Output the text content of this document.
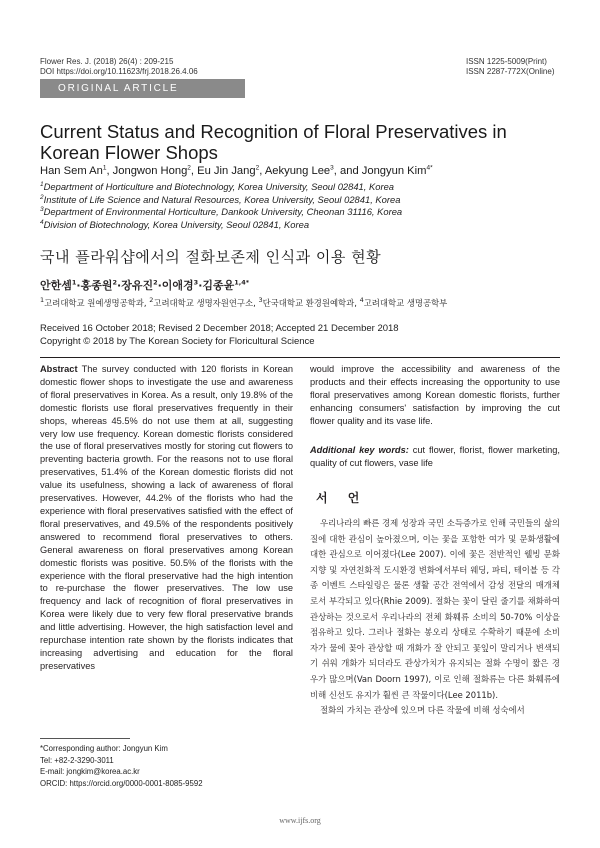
Flower Res. J. (2018) 26(4) : 209-215
DOI https://doi.org/10.11623/frj.2018.26.4.06
ISSN 1225-5009(Print)
ISSN 2287-772X(Online)
ORIGINAL ARTICLE
Current Status and Recognition of Floral Preservatives in Korean Flower Shops
Han Sem An$^1$, Jongwon Hong$^2$, Eu Jin Jang$^2$, Aekyung Lee$^3$, and Jongyun Kim$^{4*}$
$^1$Department of Horticulture and Biotechnology, Korea University, Seoul 02841, Korea
$^2$Institute of Life Science and Natural Resources, Korea University, Seoul 02841, Korea
$^3$Department of Environmental Horticulture, Dankook University, Cheonan 31116, Korea
$^4$Division of Biotechnology, Korea University, Seoul 02841, Korea
국내 플라워샵에서의 절화보존제 인식과 이용 현황
안한셈$^1$·홍종원$^2$·장유진$^2$·이애경$^3$·김종윤$^{1,4*}$
$^1$고려대학교 원예생명공학과, $^2$고려대학교 생명자원연구소, $^3$단국대학교 환경원예학과, $^4$고려대학교 생명공학부
Received 16 October 2018; Revised 2 December 2018; Accepted 21 December 2018
Copyright © 2018 by The Korean Society for Floricultural Science
Abstract The survey conducted with 120 florists in Korean domestic flower shops to investigate the use and awareness of floral preservatives in Korea. As a result, only 19.8% of the domestic florists use floral preservatives frequently in their shops, whereas 45.5% do not use them at all, suggesting very low use frequency. Korean domestic florists considered the use of floral preservatives mostly for storing cut flowers to preventing bacteria growth. For the reasons not to use floral preservatives, 51.4% of the Korean domestic florists did not value its usefulness, showing a lack of awareness of floral preservatives. However, 44.2% of the florists who had the experience with floral preservatives satisfied with the effect of floral preservatives, and 49.5% of the respondents positively answered to recommend floral preservatives to others. General awareness on floral preservatives among Korean domestic florists was positive. 50.5% of the florists with the experience with the floral preservative had the high intention to re-purchase the flower preservatives. The low use frequency and lack of recognition of floral preservatives in Korea were likely due to very few floral preservative brands and little advertising. However, the high satisfaction level and repurchase intention rate shown by the florists indicates that increasing advertising and education for the floral preservatives
would improve the accessibility and awareness of the products and their effects increasing the opportunity to use floral preservatives among Korean domestic florists, further enhancing consumers' satisfaction by improving the cut flower quality and its vase life.
Additional key words: cut flower, florist, flower marketing, quality of cut flowers, vase life
서 언
우리나라의 빠른 경제 성장과 국민 소득증가로 인해 국민들의 삶의 질에 대한 관심이 높아졌으며, 이는 꽃을 포함한 여가 및 문화생활에 대한 관심으로 이어졌다(Lee 2007). 이에 꽃은 전반적인 웰빙 문화 지향 및 자연친화적 도시환경 변화에서부터 웨딩, 파티, 테이블 등 각종 이벤트 스타일링은 물론 생활 공간 전역에서 감성 전달의 매개체로서 부각되고 있다(Rhie 2009). 절화는 꽃이 달린 줄기를 채화하여 관상하는 것으로서 우리나라의 전체 화훼류 소비의 50-70% 이상을 점유하고 있다. 그러나 절화는 봉오리 상태로 수확하기 때문에 소비자가 물에 꽂아 관상할 때 개화가 잘 안되고 꽃잎이 말리거나 변색되기 쉬워 개화가 되더라도 관상가치가 유지되는 절화 수명이 짧은 경우가 많으며(Van Doorn 1997), 이로 인해 절화류는 다른 화훼류에 비해 신선도 유지가 훨씬 큰 작물이다(Lee 2011b).
절화의 가치는 관상에 있으며 다른 작물에 비해 성숙에서
*Corresponding author: Jongyun Kim
Tel: +82-2-3290-3011
E-mail: jongkim@korea.ac.kr
ORCID: https://orcid.org/0000-0001-8085-9592
www.ijfs.org
